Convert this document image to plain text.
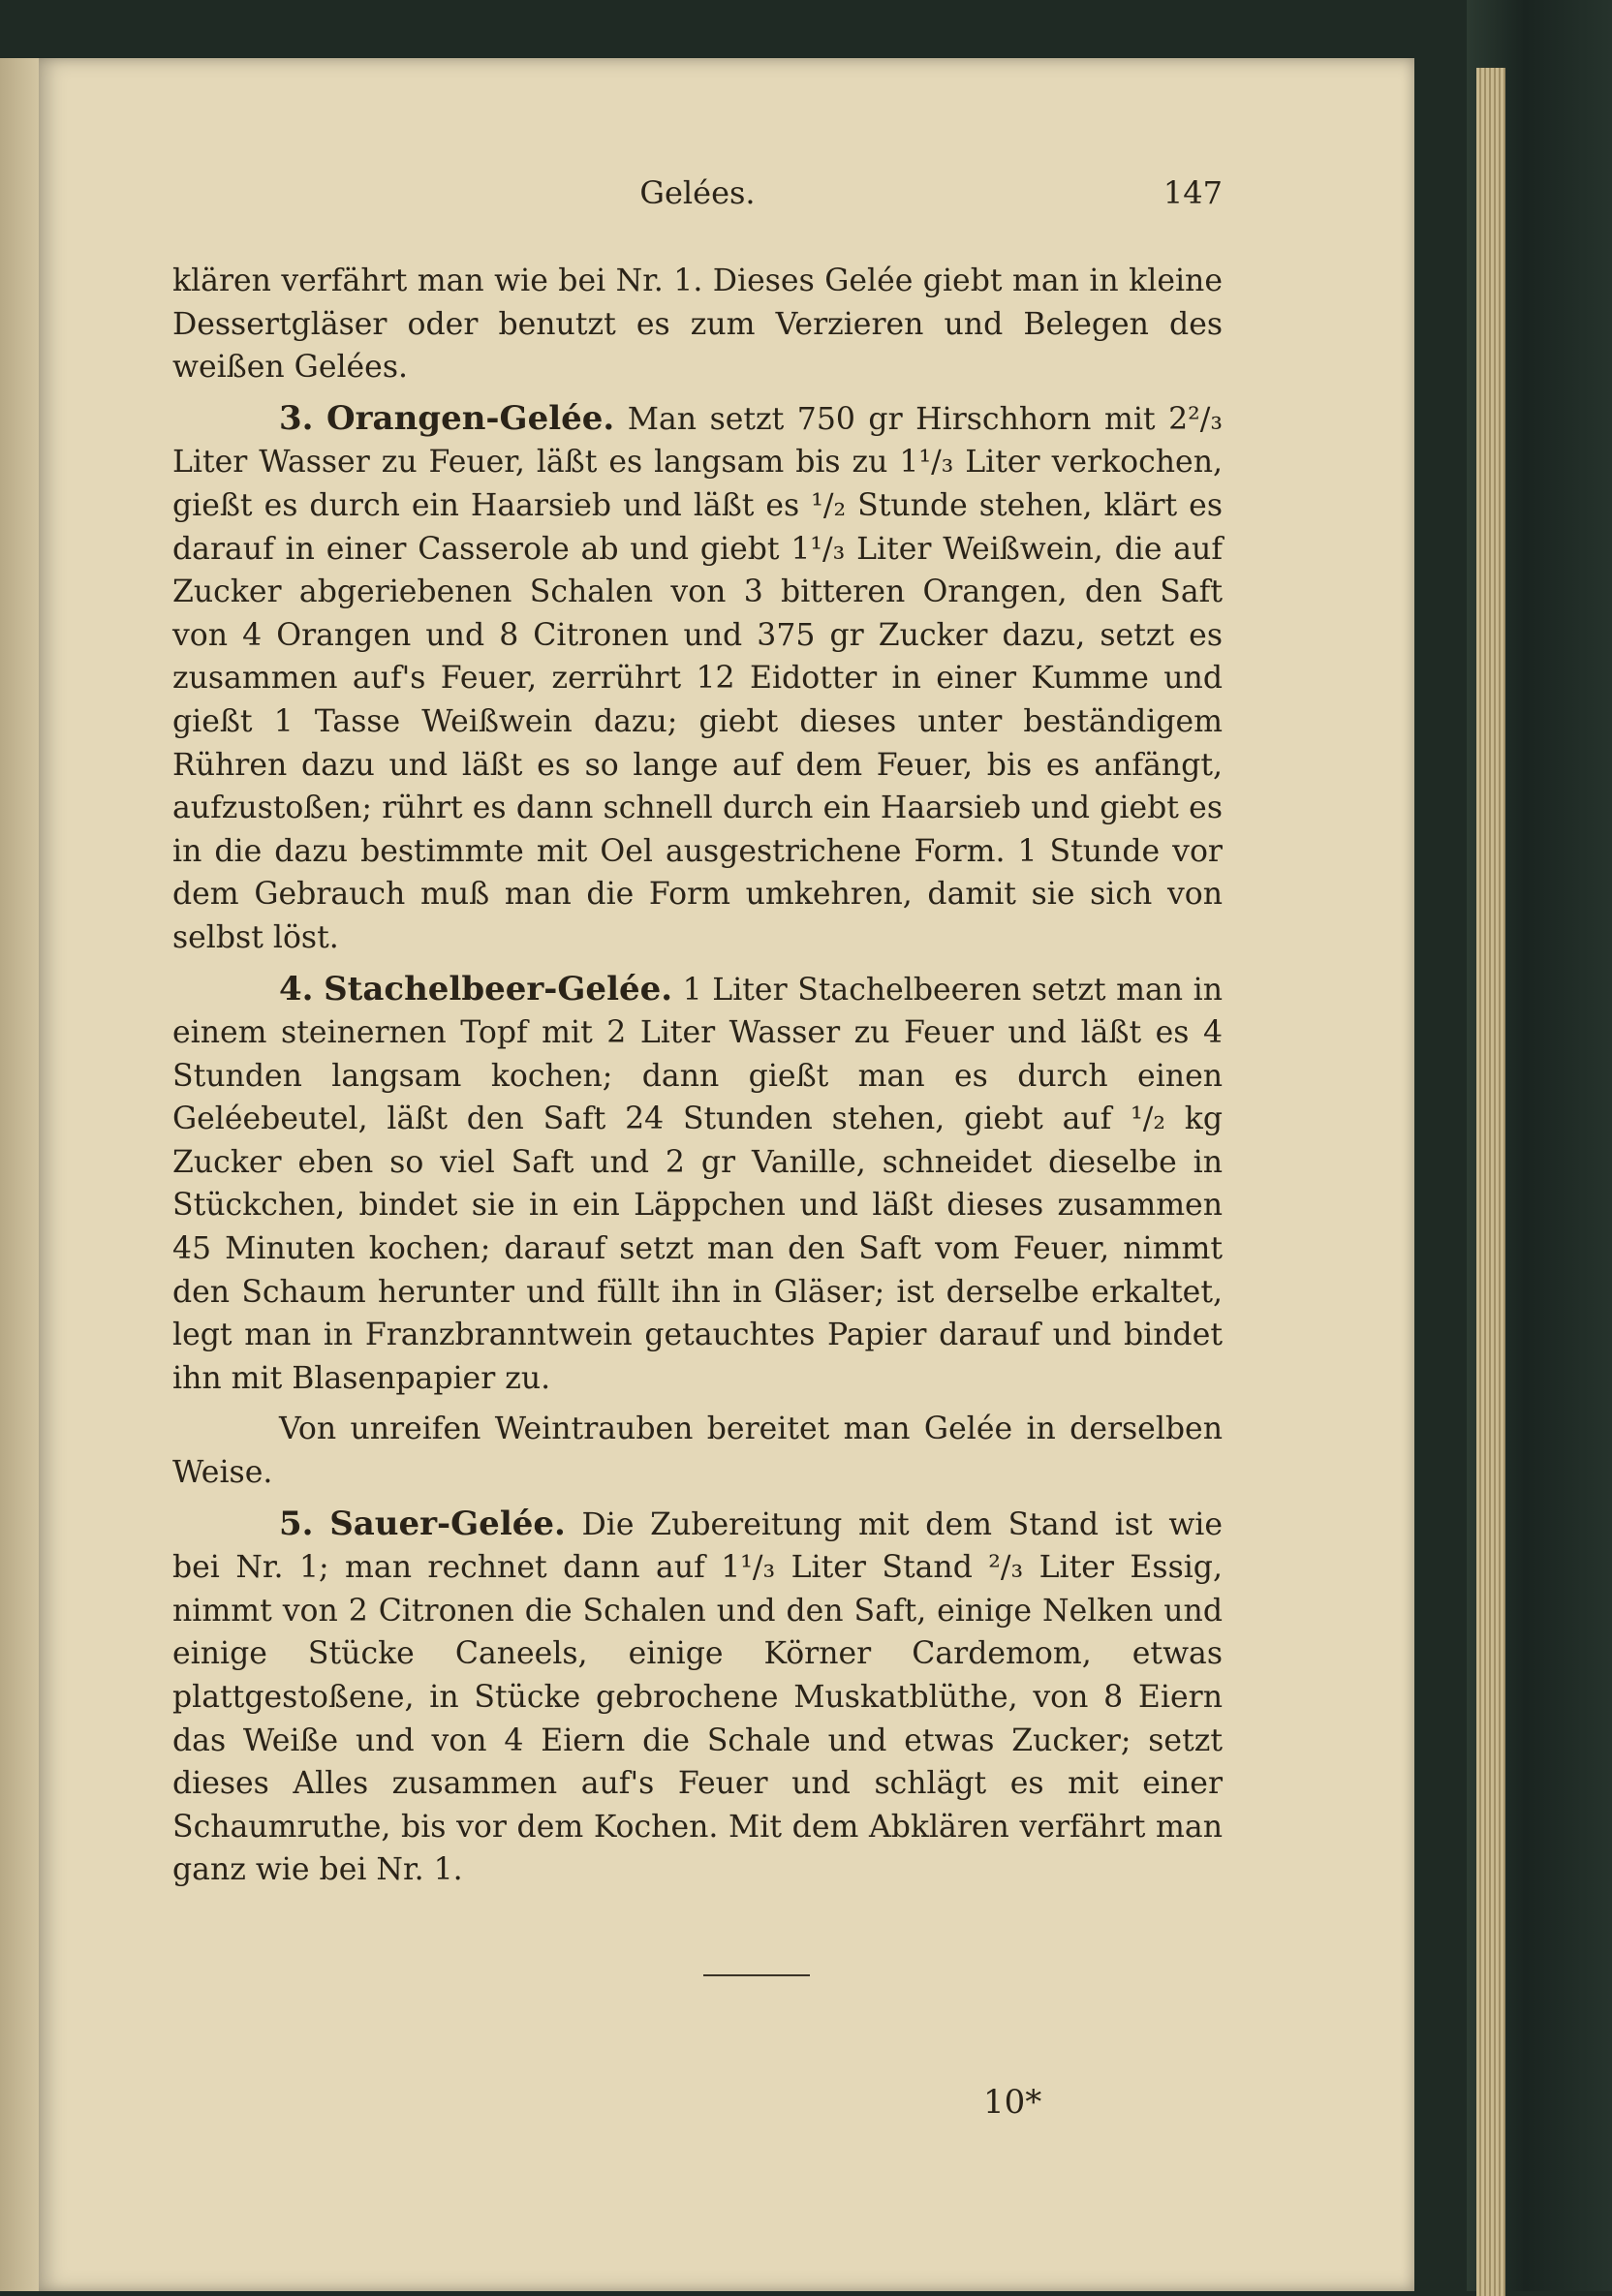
Gelées.	147

klären verfährt man wie bei Nr. 1. Dieses Gelée giebt man in kleine Dessertgläser oder benutzt es zum Verzieren und Belegen des weißen Gelées.

3. Orangen-Gelée. Man setzt 750 gr Hirschhorn mit 2²/₃ Liter Wasser zu Feuer, läßt es langsam bis zu 1¹/₃ Liter verkochen, gießt es durch ein Haarsieb und läßt es ¹/₂ Stunde stehen, klärt es darauf in einer Casserole ab und giebt 1¹/₃ Liter Weißwein, die auf Zucker abgeriebenen Schalen von 3 bitteren Orangen, den Saft von 4 Orangen und 8 Citronen und 375 gr Zucker dazu, setzt es zusammen auf's Feuer, zerrührt 12 Eidotter in einer Kumme und gießt 1 Tasse Weißwein dazu; giebt dieses unter beständigem Rühren dazu und läßt es so lange auf dem Feuer, bis es anfängt, aufzustoßen; rührt es dann schnell durch ein Haarsieb und giebt es in die dazu bestimmte mit Oel ausgestrichene Form. 1 Stunde vor dem Gebrauch muß man die Form umkehren, damit sie sich von selbst löst.

4. Stachelbeer-Gelée. 1 Liter Stachelbeeren setzt man in einem steinernen Topf mit 2 Liter Wasser zu Feuer und läßt es 4 Stunden langsam kochen; dann gießt man es durch einen Geléebeutel, läßt den Saft 24 Stunden stehen, giebt auf ¹/₂ kg Zucker eben so viel Saft und 2 gr Vanille, schneidet dieselbe in Stückchen, bindet sie in ein Läppchen und läßt dieses zusammen 45 Minuten kochen; darauf setzt man den Saft vom Feuer, nimmt den Schaum herunter und füllt ihn in Gläser; ist derselbe erkaltet, legt man in Franzbranntwein getauchtes Papier darauf und bindet ihn mit Blasenpapier zu.

Von unreifen Weintrauben bereitet man Gelée in derselben Weise.

5. Sauer-Gelée. Die Zubereitung mit dem Stand ist wie bei Nr. 1; man rechnet dann auf 1¹/₃ Liter Stand ²/₃ Liter Essig, nimmt von 2 Citronen die Schalen und den Saft, einige Nelken und einige Stücke Caneels, einige Körner Cardemom, etwas plattgestoßene, in Stücke gebrochene Muskatblüthe, von 8 Eiern das Weiße und von 4 Eiern die Schale und etwas Zucker; setzt dieses Alles zusammen auf's Feuer und schlägt es mit einer Schaumruthe, bis vor dem Kochen. Mit dem Abklären verfährt man ganz wie bei Nr. 1.

10*
